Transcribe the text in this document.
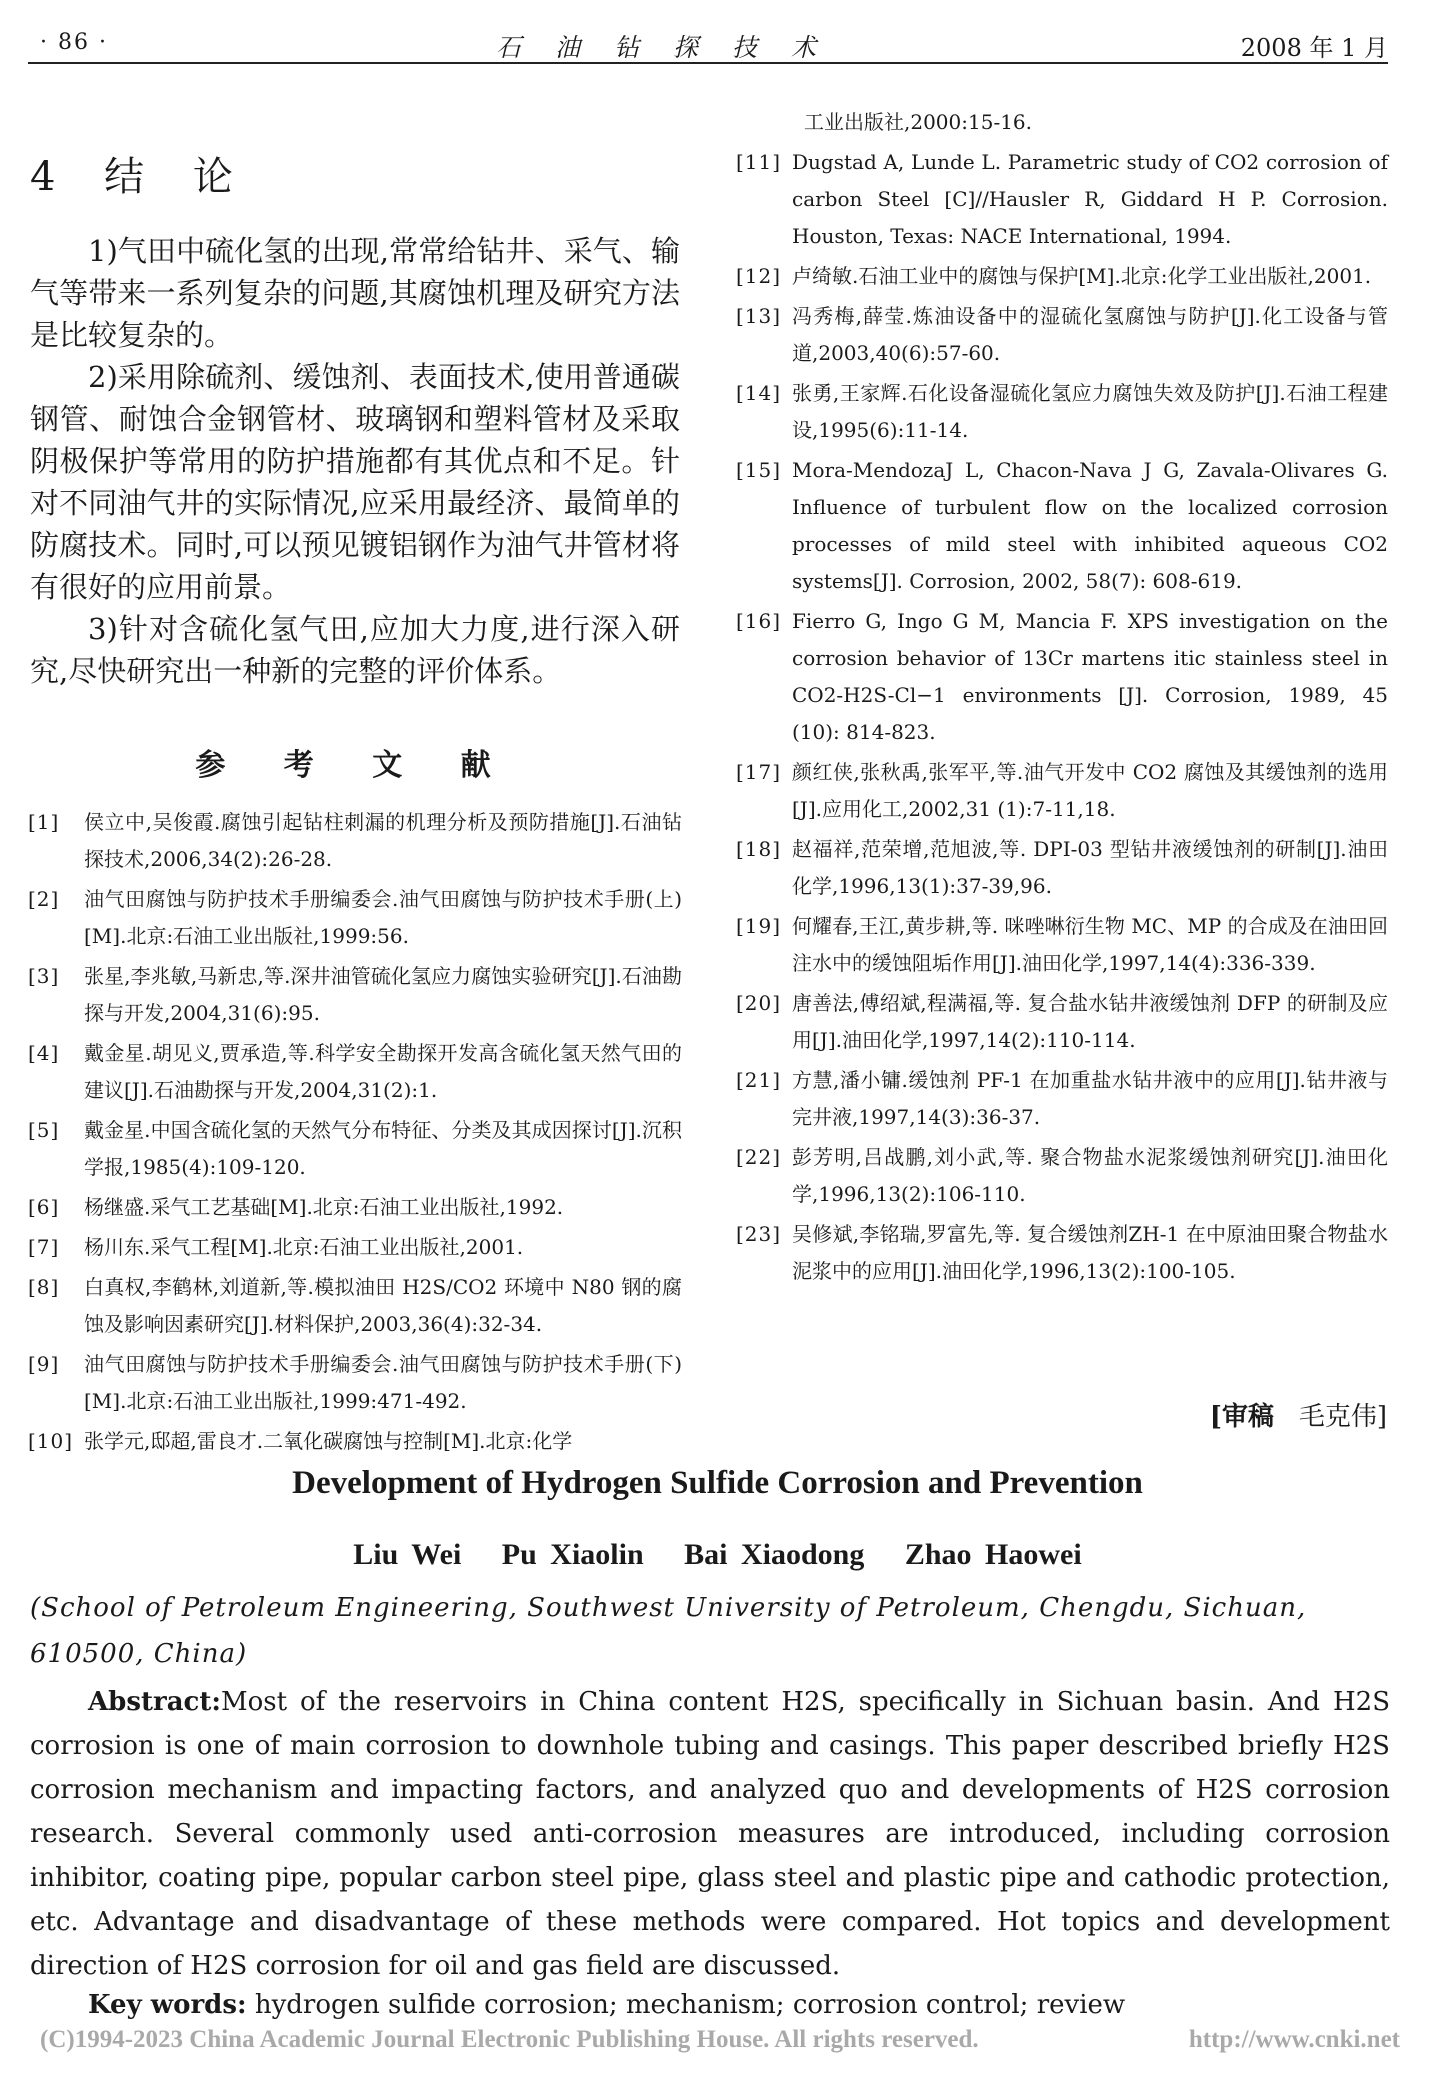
· 86 ·	石油钻探技术	2008 年 1 月
4 结 论

1)气田中硫化氢的出现,常常给钻井、采气、输气等带来一系列复杂的问题,其腐蚀机理及研究方法是比较复杂的。

2)采用除硫剂、缓蚀剂、表面技术,使用普通碳钢管、耐蚀合金钢管材、玻璃钢和塑料管材及采取阴极保护等常用的防护措施都有其优点和不足。针对不同油气井的实际情况,应采用最经济、最简单的防腐技术。同时,可以预见镀铝钢作为油气井管材将有很好的应用前景。

3)针对含硫化氢气田,应加大力度,进行深入研究,尽快研究出一种新的完整的评价体系。

参 考 文 献
[1] 侯立中,吴俊霞.腐蚀引起钻柱刺漏的机理分析及预防措施[J].石油钻探技术,2006,34(2):26-28.
[2] 油气田腐蚀与防护技术手册编委会.油气田腐蚀与防护技术手册(上)[M].北京:石油工业出版社,1999:56.
[3] 张星,李兆敏,马新忠,等.深井油管硫化氢应力腐蚀实验研究[J].石油勘探与开发,2004,31(6):95.
[4] 戴金星.胡见义,贾承造,等.科学安全勘探开发高含硫化氢天然气田的建议[J].石油勘探与开发,2004,31(2):1.
[5] 戴金星.中国含硫化氢的天然气分布特征、分类及其成因探讨[J].沉积学报,1985(4):109-120.
[6] 杨继盛.采气工艺基础[M].北京:石油工业出版社,1992.
[7] 杨川东.采气工程[M].北京:石油工业出版社,2001.
[8] 白真权,李鹤林,刘道新,等.模拟油田 H2S/CO2 环境中 N80 钢的腐蚀及影响因素研究[J].材料保护,2003,36(4):32-34.
[9] 油气田腐蚀与防护技术手册编委会.油气田腐蚀与防护技术手册(下)[M].北京:石油工业出版社,1999:471-492.
[10] 张学元,邸超,雷良才.二氧化碳腐蚀与控制[M].北京:化学
工业出版社,2000:15-16.
[11] Dugstad A, Lunde L. Parametric study of CO2 corrosion of carbon Steel [C]//Hausler R, Giddard H P. Corrosion. Houston, Texas: NACE International, 1994.
[12] 卢绮敏.石油工业中的腐蚀与保护[M].北京:化学工业出版社,2001.
[13] 冯秀梅,薛莹.炼油设备中的湿硫化氢腐蚀与防护[J].化工设备与管道,2003,40(6):57-60.
[14] 张勇,王家辉.石化设备湿硫化氢应力腐蚀失效及防护[J].石油工程建设,1995(6):11-14.
[15] Mora-MendozaJ L, Chacon-Nava J G, Zavala-Olivares G. Influence of turbulent flow on the localized corrosion processes of mild steel with inhibited aqueous CO2 systems[J]. Corrosion, 2002, 58(7): 608-619.
[16] Fierro G, Ingo G M, Mancia F. XPS investigation on the corrosion behavior of 13Cr martens itic stainless steel in CO2-H2S-Cl−1 environments [J]. Corrosion, 1989, 45 (10): 814-823.
[17] 颜红侠,张秋禹,张军平,等.油气开发中 CO2 腐蚀及其缓蚀剂的选用[J].应用化工,2002,31 (1):7-11,18.
[18] 赵福祥,范荣增,范旭波,等. DPI-03 型钻井液缓蚀剂的研制[J].油田化学,1996,13(1):37-39,96.
[19] 何耀春,王江,黄步耕,等. 咪唑啉衍生物 MC、MP 的合成及在油田回注水中的缓蚀阻垢作用[J].油田化学,1997,14(4):336-339.
[20] 唐善法,傅绍斌,程满福,等. 复合盐水钻井液缓蚀剂 DFP 的研制及应用[J].油田化学,1997,14(2):110-114.
[21] 方慧,潘小镛.缓蚀剂 PF-1 在加重盐水钻井液中的应用[J].钻井液与完井液,1997,14(3):36-37.
[22] 彭芳明,吕战鹏,刘小武,等. 聚合物盐水泥浆缓蚀剂研究[J].油田化学,1996,13(2):106-110.
[23] 吴修斌,李铭瑞,罗富先,等. 复合缓蚀剂ZH-1 在中原油田聚合物盐水泥浆中的应用[J].油田化学,1996,13(2):100-105.
[审稿 毛克伟]
Development of Hydrogen Sulfide Corrosion and Prevention
Liu Wei   Pu Xiaolin   Bai Xiaodong   Zhao Haowei
(School of Petroleum Engineering, Southwest University of Petroleum, Chengdu, Sichuan, 610500, China)

Abstract:Most of the reservoirs in China content H2S, specifically in Sichuan basin. And H2S corrosion is one of main corrosion to downhole tubing and casings. This paper described briefly H2S corrosion mechanism and impacting factors, and analyzed quo and developments of H2S corrosion research. Several commonly used anti-corrosion measures are introduced, including corrosion inhibitor, coating pipe, popular carbon steel pipe, glass steel and plastic pipe and cathodic protection, etc. Advantage and disadvantage of these methods were compared. Hot topics and development direction of H2S corrosion for oil and gas field are discussed.

Key words: hydrogen sulfide corrosion; mechanism; corrosion control; review
(C)1994-2023 China Academic Journal Electronic Publishing House. All rights reserved.	http://www.cnki.net
